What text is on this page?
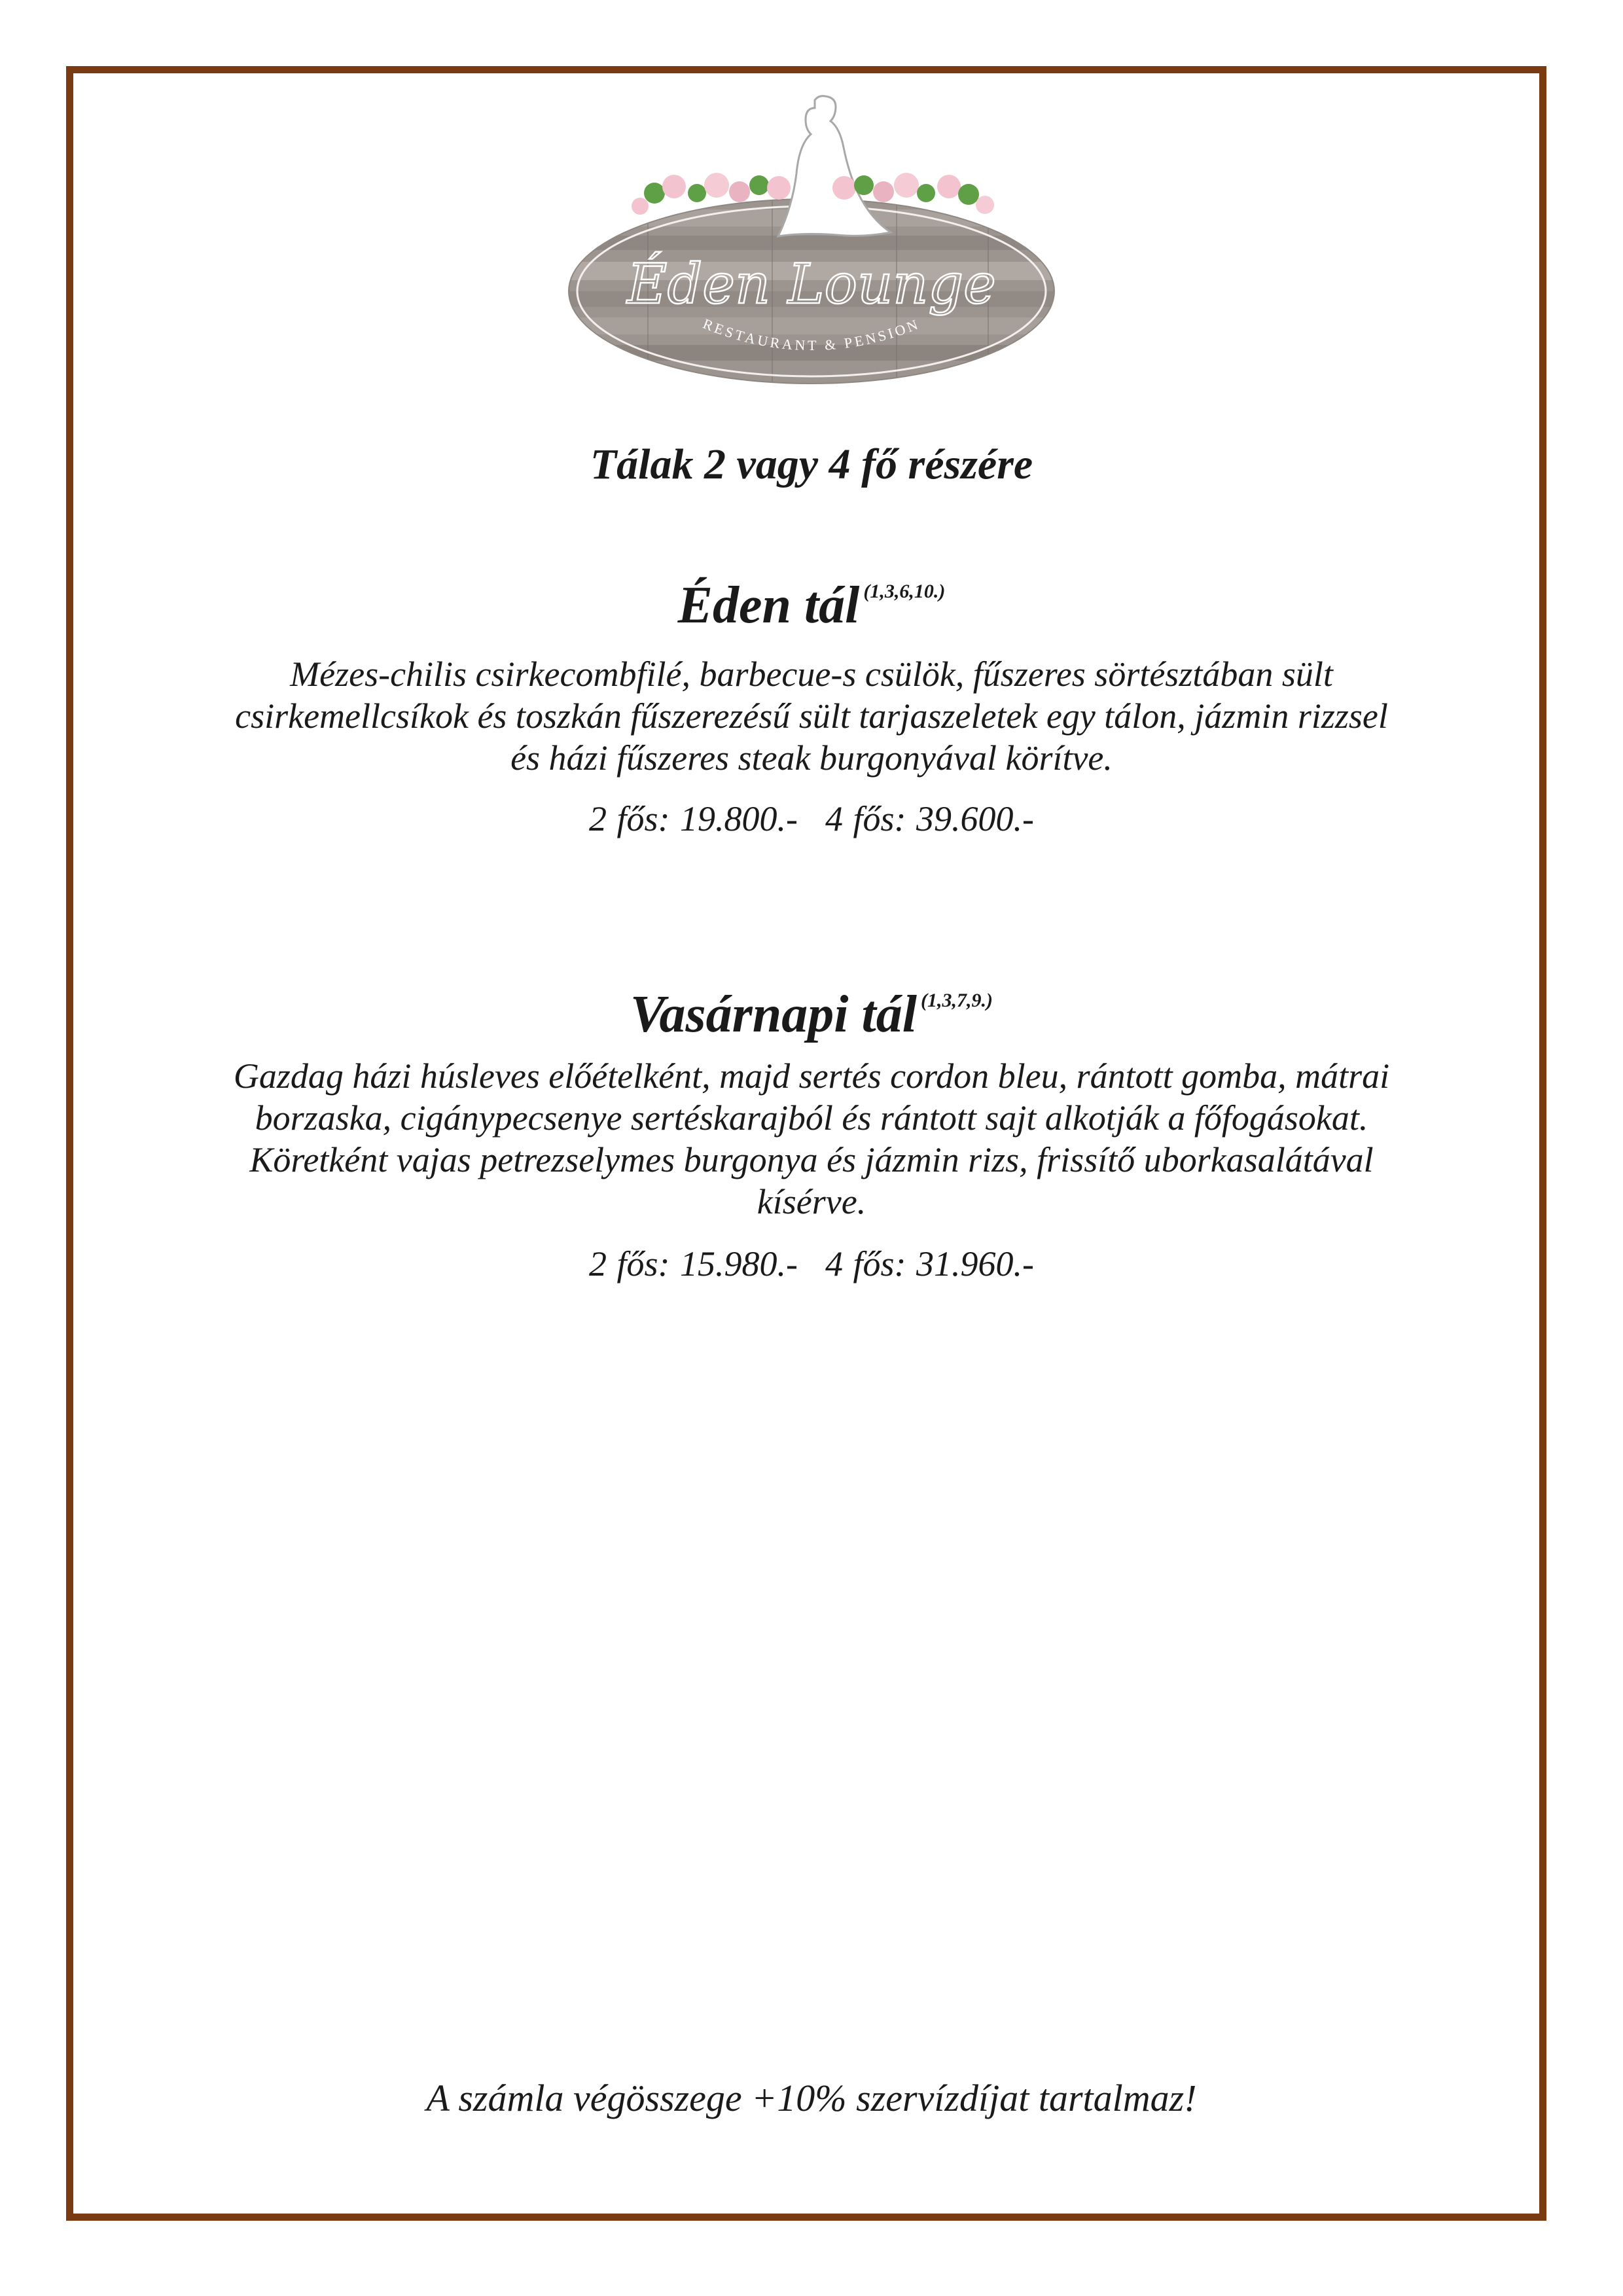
Éden Lounge
RESTAURANT & PENSION
Tálak 2 vagy 4 fő részére
Éden tál $^{(1,3,6,10.)}$
Mézes-chilis csirkecombfilé, barbecue-s csülök, fűszeres sörtésztában sült csirkemellcsíkok és toszkán fűszerezésű sült tarjaszeletek egy tálon, jázmin rizzsel és házi fűszeres steak burgonyával körítve.
2 fős: 19.800.- 4 fős: 39.600.-
Vasárnapi tál $^{(1,3,7,9.)}$
Gazdag házi húsleves előételként, majd sertés cordon bleu, rántott gomba, mátrai borzaska, cigánypecsenye sertéskarajból és rántott sajt alkotják a főfogásokat. Köretként vajas petrezselymes burgonya és jázmin rizs, frissítő uborkasalátával kísérve.
2 fős: 15.980.- 4 fős: 31.960.-
A számla végösszege +10% szervízdíjat tartalmaz!
